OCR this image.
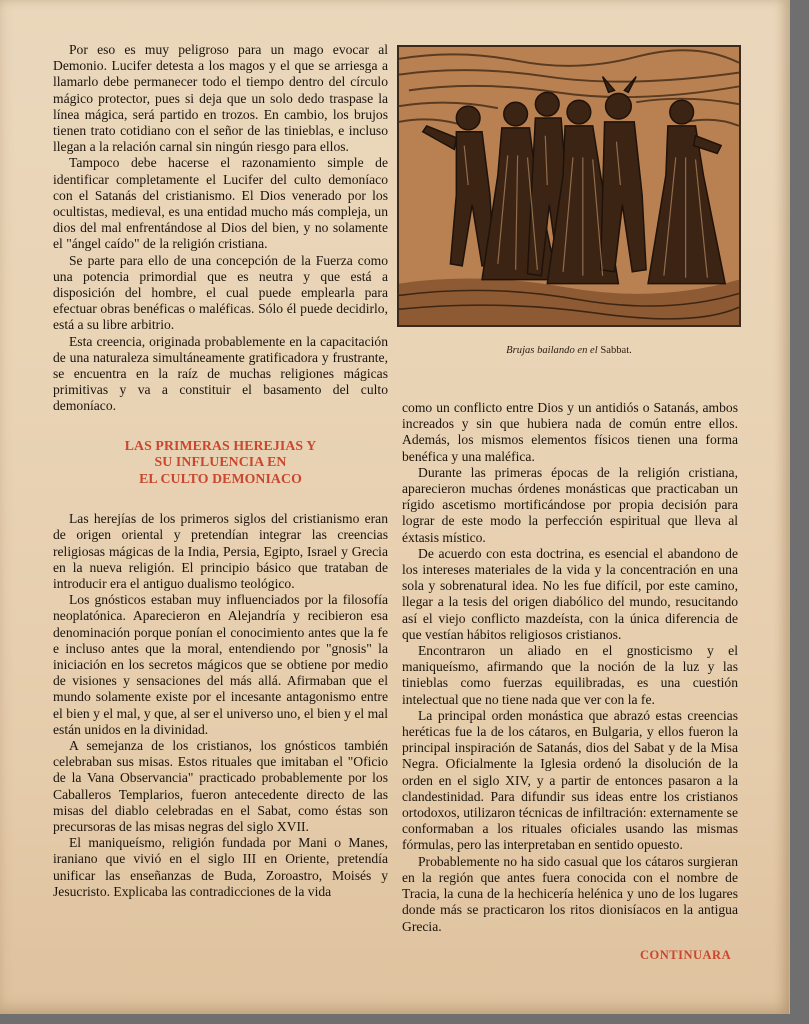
Por eso es muy peligroso para un mago evocar al Demonio. Lucifer detesta a los magos y el que se arriesga a llamarlo debe permanecer todo el tiempo dentro del círculo mágico protector, pues si deja que un solo dedo traspase la línea mágica, será partido en trozos. En cambio, los brujos tienen trato cotidiano con el señor de las tinieblas, e incluso llegan a la relación carnal sin ningún riesgo para ellos.

Tampoco debe hacerse el razonamiento simple de identificar completamente el Lucifer del culto demoníaco con el Satanás del cristianismo. El Dios venerado por los ocultistas, medieval, es una entidad mucho más compleja, un dios del mal enfrentándose al Dios del bien, y no solamente el "ángel caído" de la religión cristiana.

Se parte para ello de una concepción de la Fuerza como una potencia primordial que es neutra y que está a disposición del hombre, el cual puede emplearla para efectuar obras benéficas o maléficas. Sólo él puede decidirlo, está a su libre arbitrio.

Esta creencia, originada probablemente en la capacitación de una naturaleza simultáneamente gratificadora y frustrante, se encuentra en la raíz de muchas religiones mágicas primitivas y va a constituir el basamento del culto demoníaco.

LAS PRIMERAS HEREJIAS Y
SU INFLUENCIA EN
EL CULTO DEMONIACO

Las herejías de los primeros siglos del cristianismo eran de origen oriental y pretendían integrar las creencias religiosas mágicas de la India, Persia, Egipto, Israel y Grecia en la nueva religión. El principio básico que trataban de introducir era el antiguo dualismo teológico.

Los gnósticos estaban muy influenciados por la filosofía neoplatónica. Aparecieron en Alejandría y recibieron esa denominación porque ponían el conocimiento antes que la fe e incluso antes que la moral, entendiendo por "gnosis" la iniciación en los secretos mágicos que se obtiene por medio de visiones y sensaciones del más allá. Afirmaban que el mundo solamente existe por el incesante antagonismo entre el bien y el mal, y que, al ser el universo uno, el bien y el mal están unidos en la divinidad.

A semejanza de los cristianos, los gnósticos también celebraban sus misas. Estos rituales que imitaban el "Oficio de la Vana Observancia" practicado probablemente por los Caballeros Templarios, fueron antecedente directo de las misas del diablo celebradas en el Sabat, como éstas son precursoras de las misas negras del siglo XVII.

El maniqueísmo, religión fundada por Mani o Manes, iraniano que vivió en el siglo III en Oriente, pretendía unificar las enseñanzas de Buda, Zoroastro, Moisés y Jesucristo. Explicaba las contradicciones de la vida

Brujas bailando en el Sabbat.

como un conflicto entre Dios y un antidiós o Satanás, ambos increados y sin que hubiera nada de común entre ellos. Además, los mismos elementos físicos tienen una forma benéfica y una maléfica.

Durante las primeras épocas de la religión cristiana, aparecieron muchas órdenes monásticas que practicaban un rígido ascetismo mortificándose por propia decisión para lograr de este modo la perfección espiritual que lleva al éxtasis místico.

De acuerdo con esta doctrina, es esencial el abandono de los intereses materiales de la vida y la concentración en una sola y sobrenatural idea. No les fue difícil, por este camino, llegar a la tesis del origen diabólico del mundo, resucitando así el viejo conflicto mazdeísta, con la única diferencia de que vestían hábitos religiosos cristianos.

Encontraron un aliado en el gnosticismo y el maniqueísmo, afirmando que la noción de la luz y las tinieblas como fuerzas equilibradas, es una cuestión intelectual que no tiene nada que ver con la fe.

La principal orden monástica que abrazó estas creencias heréticas fue la de los cátaros, en Bulgaria, y ellos fueron la principal inspiración de Satanás, dios del Sabat y de la Misa Negra. Oficialmente la Iglesia ordenó la disolución de la orden en el siglo XIV, y a partir de entonces pasaron a la clandestinidad. Para difundir sus ideas entre los cristianos ortodoxos, utilizaron técnicas de infiltración: externamente se conformaban a los rituales oficiales usando las mismas fórmulas, pero las interpretaban en sentido opuesto.

Probablemente no ha sido casual que los cátaros surgieran en la región que antes fuera conocida con el nombre de Tracia, la cuna de la hechicería helénica y uno de los lugares donde más se practicaron los ritos dionisíacos en la antigua Grecia.

CONTINUARA
